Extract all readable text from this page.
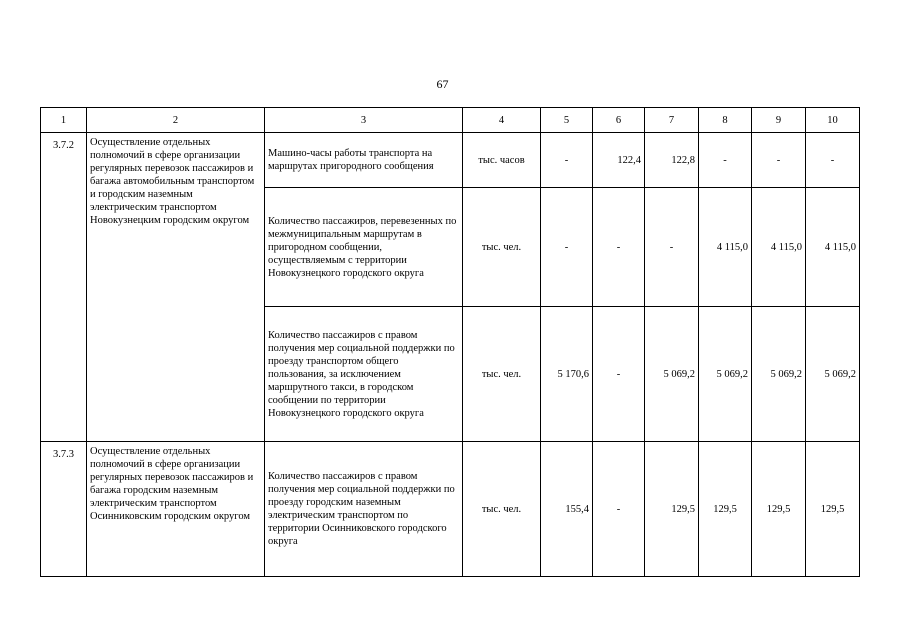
67
1	2	3	4	5	6	7	8	9	10
3.7.2	Осуществление отдельных полномочий в сфере организации регулярных перевозок пассажиров и багажа автомобильным транспортом и городским наземным электрическим транспортом Новокузнецким городским округом	Машино-часы работы транспорта на маршрутах пригородного сообщения	тыс. часов	-	122,4	122,8	-	-	-
		Количество пассажиров, перевезенных по межмуниципальным маршрутам в пригородном сообщении, осуществляемым с территории Новокузнецкого городского округа	тыс. чел.	-	-	-	4 115,0	4 115,0	4 115,0
		Количество пассажиров с правом получения мер социальной поддержки по проезду транспортом общего пользования, за исключением маршрутного такси, в городском сообщении по территории Новокузнецкого городского округа	тыс. чел.	5 170,6	-	5 069,2	5 069,2	5 069,2	5 069,2
3.7.3	Осуществление отдельных полномочий в сфере организации регулярных перевозок пассажиров и багажа городским наземным электрическим транспортом Осинниковским городским округом	Количество пассажиров с правом получения мер социальной поддержки по проезду городским наземным электрическим транспортом по территории Осинниковского городского округа	тыс. чел.	155,4	-	129,5	129,5	129,5	129,5
